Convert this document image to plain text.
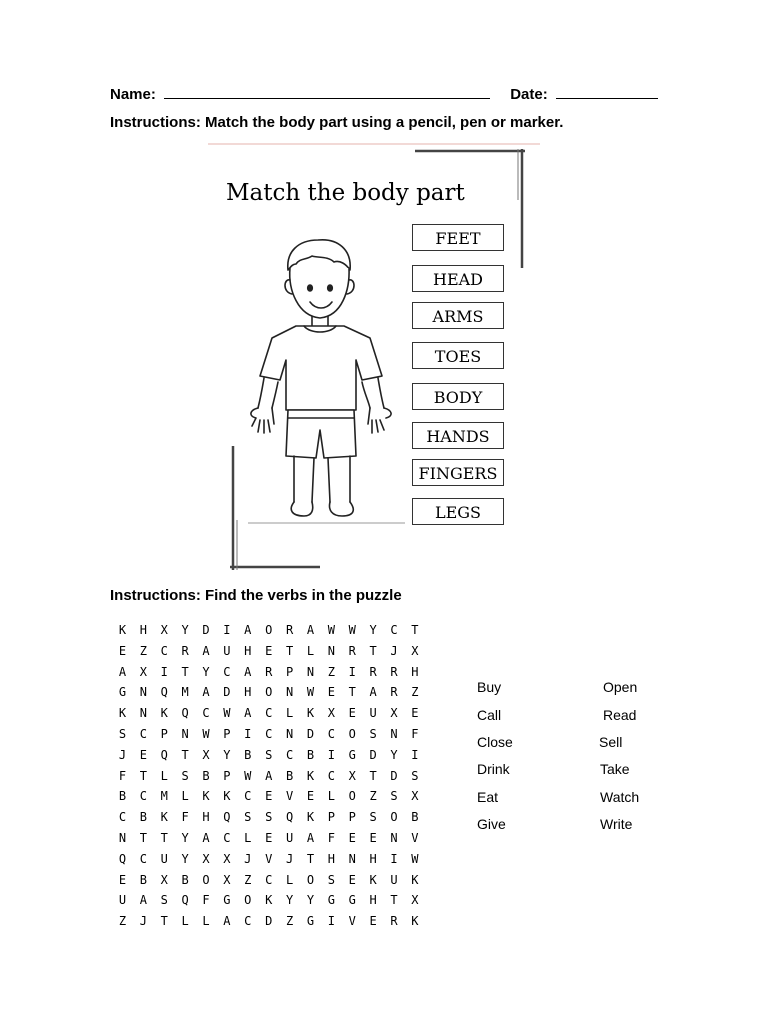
Name:	Date:
Instructions: Match the body part using a pencil, pen or marker.
Match the body part
FEET
HEAD
ARMS
TOES
BODY
HANDS
FINGERS
LEGS
Instructions: Find the verbs in the puzzle
K H X Y D I A O R A W W Y C T
E Z C R A U H E T L N R T J X
A X I T Y C A R P N Z I R R H
G N Q M A D H O N W E T A R Z
K N K Q C W A C L K X E U X E
S C P N W P I C N D C O S N F
J E Q T X Y B S C B I G D Y I
F T L S B P W A B K C X T D S
B C M L K K C E V E L O Z S X
C B K F H Q S S Q K P P S O B
N T T Y A C L E U A F E E N V
Q C U Y X X J V J T H N H I W
E B X B O X Z C L O S E K U K
U A S Q F G O K Y Y G G H T X
Z J T L L A C D Z G I V E R K
Buy
Call
Close
Drink
Eat
Give
Open
Read
Sell
Take
Watch
Write
